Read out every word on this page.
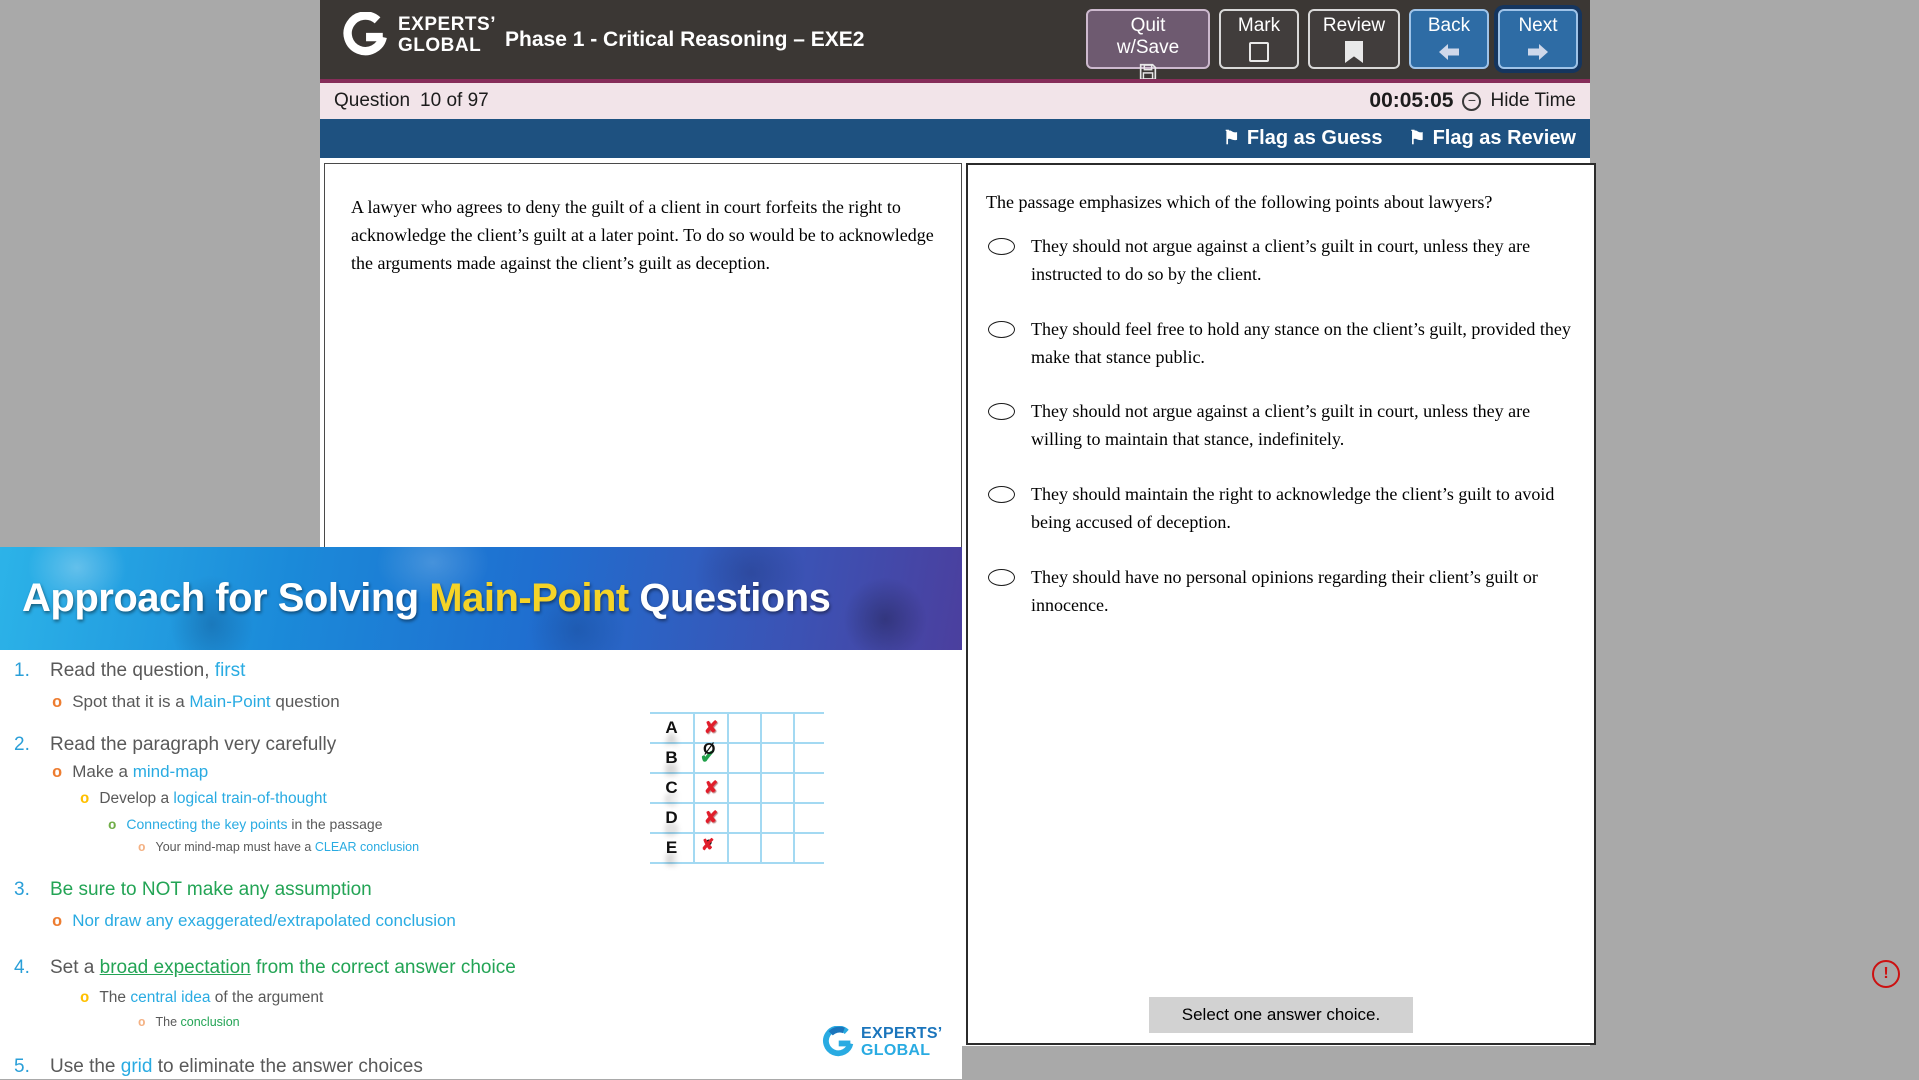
EXPERTS’
GLOBAL	Phase 1 - Critical Reasoning – EXE2
Quit w/Save
Mark Review Back	Next
Question 10 of 97	00:05:05 − Hide Time
⚑
Flag as Guess ⚑	Flag as Review
A lawyer who agrees to deny the guilt of a client in court forfeits the right to acknowledge the client’s guilt at a later point. To do so would be to acknowledge the arguments made against the client’s guilt as deception.
The passage emphasizes which of the following points about lawyers?
They should not argue against a client’s guilt in court, unless they are instructed to do so by the client.
They should feel free to hold any stance on the client’s guilt, provided they make that stance public.
They should not argue against a client’s guilt in court, unless they are willing to maintain that stance, indefinitely.
They should maintain the right to acknowledge the client’s guilt to avoid being accused of deception.
They should have no personal opinions regarding their client’s guilt or innocence.
Select one answer choice.
Approach for Solving Main-Point Questions
1.	Read the question, first
o
Spot that it is a Main-Point question
2.	Read the paragraph very carefully
o
Make a mind-map
o
Develop a logical train-of-thought
o
Connecting the key points in the passage
o
Your mind-map must have a CLEAR conclusion
3.	Be sure to NOT make any assumption
o
Nor draw any exaggerated/extrapolated conclusion
4.	Set a broad expectation from the correct answer choice
o
The central idea of the argument
o
The conclusion
5.	Use the grid to eliminate the answer choices
A	✘			
B	✔ Ø			
C	✘			
D	✘			
E	● ✘			
EXPERTS’
GLOBAL
!
